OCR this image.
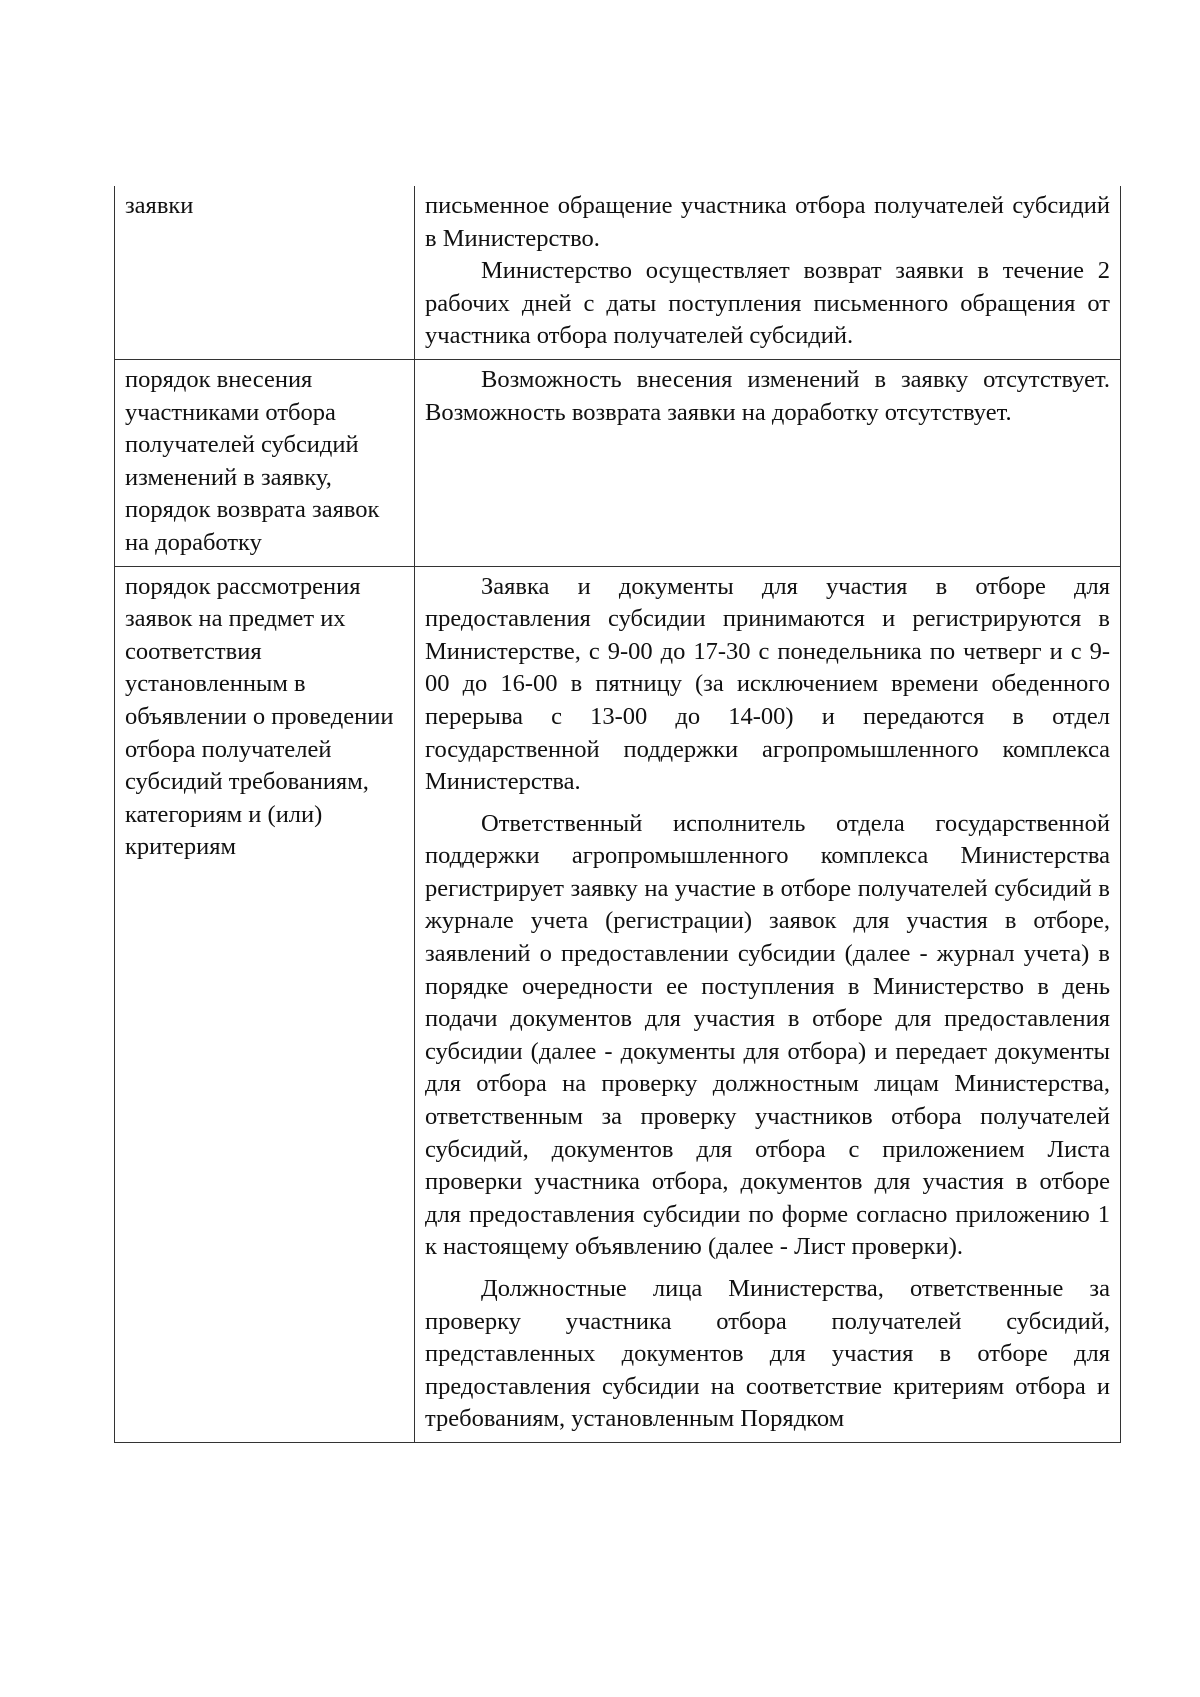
заявки	письменное обращение участника отбора получателей субсидий в Министерство.

Министерство осуществляет возврат заявки в течение 2 рабочих дней с даты поступления письменного обращения от участника отбора получателей субсидий.

порядок внесения участниками отбора получателей субсидий изменений в заявку, порядок возврата заявок на доработку	Возможность внесения изменений в заявку отсутствует. Возможность возврата заявки на доработку отсутствует.

порядок рассмотрения заявок на предмет их соответствия установленным в объявлении о проведении отбора получателей субсидий требованиям, категориям и (или) критериям	Заявка и документы для участия в отборе для предоставления субсидии принимаются и регистрируются в Министерстве, с 9-00 до 17-30 с понедельника по четверг и с 9-00 до 16-00 в пятницу (за исключением времени обеденного перерыва с 13-00 до 14-00) и передаются в отдел государственной поддержки агропромышленного комплекса Министерства.

Ответственный исполнитель отдела государственной поддержки агропромышленного комплекса Министерства регистрирует заявку на участие в отборе получателей субсидий в журнале учета (регистрации) заявок для участия в отборе, заявлений о предоставлении субсидии (далее - журнал учета) в порядке очередности ее поступления в Министерство в день подачи документов для участия в отборе для предоставления субсидии (далее - документы для отбора) и передает документы для отбора на проверку должностным лицам Министерства, ответственным за проверку участников отбора получателей субсидий, документов для отбора с приложением Листа проверки участника отбора, документов для участия в отборе для предоставления субсидии по форме согласно приложению 1 к настоящему объявлению (далее - Лист проверки).

Должностные лица Министерства, ответственные за проверку участника отбора получателей субсидий, представленных документов для участия в отборе для предоставления субсидии на соответствие критериям отбора и требованиям, установленным Порядком
